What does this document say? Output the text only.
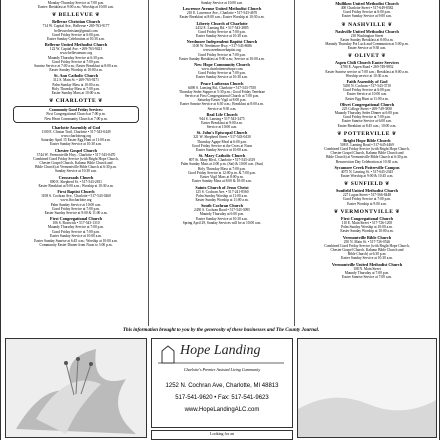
Monday-Thursday Service at 7:00 p.m.
Easter: Breakfast at 9:00 a.m.; Worship at 10:00 a.m.
❦ BELLEVUE ❦
Bellevue Christian Church
714 W. Capital Ave., Bellevue • 269-763-9177
bellevuechristian@gmail.com
Good Friday Service at 6:00 p.m.
Easter Sunday Celebration at 10:30 a.m.
Bellevue United Methodist Church
122 W. Capital Ave. • 269-763-9421
www.bellevueumc.org
Maundy Thursday Service at 6:30 p.m.
Good Friday Service at 7:00 p.m.
Sunrise Service at 7:00 a.m.; Easter Breakfast at 8:00 a.m.
Easter Sunday Worship at 10:00 a.m.
St. Ann Catholic Church
312 S. Main St. • 269-763-9271
Palm Sunday Mass at 10:00 a.m.
Holy Thursday Mass at 7:00 p.m.
Easter Sunday Mass at 10:00 a.m.
❦ CHARLOTTE ❦
Community Good Friday Services:
First Congregational Church at 7:00 p.m.
New Heart Community Church at 7:00 p.m.
Charlotte Assembly of God
1100 E. Clinton Trail, Charlotte • 517-543-0449
www.charlotteag.org
Saturday April 15 Easter Egg Hunt at 11:00 a.m.
Easter Sunday Service at 10:30 a.m.
Chester Gospel Church
3744 W. Vermontville Hwy., Charlotte • 517-543-0470
Combined Good Friday Service (with Bright Hope Church,
Chester Gospel Church, Kalamo Bible Church and
Bible Church) at Vermontville Bible Church at 6:30 p.m.
Sunday Service at 10:30 a.m.
Crossroads Church
800 E. Shepherd St. • 517-543-2811
Easter Breakfast at 9:00 a.m.; Worship at 10:30 a.m.
First Baptist Church
1108 S. Cochran Ave., Charlotte • 517-543-0260
www.fbccharlotte.org
Palm Sunday Service at 10:00 a.m.
Good Friday Service at 7:00 p.m.
Easter Sunday Service at 9:00 & 11:00 a.m.
First Congregational Church
106 S. Bostwick • 517-543-1310
Maundy Thursday Service at 7:00 p.m.
Good Friday Service at 7:00 p.m.
Easter Sunday Service at 10:00 a.m.
Easter Sunday Sunrise at 6:45 a.m.; Worship at 10:00 a.m.
Community Easter Dinner from Noon to 3:00 p.m.
Sunday Service at 10:00 a.m.
Lawrence Avenue United Methodist Church
210 E. Lawrence Ave., Charlotte • 517-543-4670
Easter Breakfast at 8:00 a.m.; Easter Worship at 10:30 a.m.
Liberty Church of Charlotte
2432 E. Lansing Rd. • 517-543-2885
Good Friday Service at 7:00 p.m.
Easter Sunday Service at 10:30 a.m.
Needmore Independent Baptist Church
1100 W. Needmore Hwy. • 517-543-8686
www.needmorebaptist.org
Good Friday Service at 7:00 p.m.
Easter Sunday Breakfast at 9:00 a.m.; Service at 10:00 a.m.
New Hope Community Church
www.charlottenewhope.com
Good Friday Service at 7:00 p.m.
Easter Sunday Service at 10:30 a.m.
Peace Lutheran Church
6490 S. Lansing Rd., Charlotte • 517-543-7550
Thursday Seder Supper at 5:30 p.m.; Good Friday Tenebrae
Service at First Congregational Church at 7:00 p.m.
Saturday Easter Vigil at 8:00 p.m.
Easter Sunrise Service at 6:30 a.m.; Breakfast at 8:00 a.m.
Service at 9:30 a.m.
Real Life Church
944 S. Lansing • 517-543-3475
Easter Breakfast at 9:00 a.m.
Service at 10:00 a.m.
St. John's Episcopal Church
321 W. Shepherd Street • 517-543-0430
Thursday Agape Meal at 6:00 p.m.
Good Friday Service at the Cross at Noon
Easter Sunday Service at 10:00 a.m.
St. Mary Catholic Church
807 St. Mary Blvd., Charlotte • 517-543-4319
Palm Sunday Mass at 4:00 p.m. (Sat) & 10:00 a.m. (Sun)
Holy Thursday Mass at 7:00 p.m.
Good Friday Service at 12:00 p.m. & 7:00 p.m.
Easter Vigil Mass at 8:00 p.m.
Easter Sunday Mass at 8:00 & 10:00 a.m.
Saints Church of Jesus Christ
125 S. Cochran Ave. • 517-241-8560
Palm Sunday Worship at 11:00 a.m.
Easter Sunday Worship at 11:00 a.m.
South Cochran Church
2450 S. Cochran Road • 517-543-3095
Maundy Thursday at 6:00 p.m.
Easter Sunday Service at 10:30 a.m.
Spring April 29, Sunday Services will be at 10:00 a.m.
Mulliken United Methodist Church
400 Charlotte Street • 517-649-8382
Good Friday Service at 6:00 p.m.
Easter Sunday Service at 9:00 a.m.
❦ NASHVILLE ❦
Nashville United Methodist Church
210 Washington Street
Easter Sunday Breakfast at 8:00 a.m.
Maundy Thursday Pot Luck and Communion at 5:00 p.m.
Easter Service at 9:30 a.m.
❦ OLIVET ❦
Aspen Chili Church Easter Services
4780 E. Aspen Road • 269-749-9852
Easter Sunrise service at 7:00 a.m.; Breakfast at 8:00 a.m.
Worship service at 10:30 a.m.
Faith Assembly of God
5450 N. Cochran • 517-543-3710
Good Friday Service at 6:00 p.m.
Easter Service at 10:00 a.m.
Easter Egg Hunt at 11:00 a.m.
Olivet Congregational Church
225 College Street • 269-749-3830
Maundy Thursday Seder Dinner at 6:00 p.m.
Good Friday Service at 7:00 p.m.
Easter Sunrise Service at 6:00 a.m.
Easter Breakfast at 8:45 a.m.; 10:00 a.m.
❦ POTTERVILLE ❦
Bright Hope Bible Church
508 E. Lansing Road • 517-645-4469
Combined Good Friday Service (with Bright Hope Church,
Chester Gospel Church, Kalamo Bible Church and
Bible Church) at Vermontville Bible Church at 6:30 p.m.
Resurrection Day Celebration at 10:30 a.m.
Sycamore Creek Potterville Campus
4075 N. Lansing St. • 517-645-2345
Easter Worship at 9:00 & 10:45 a.m.
❦ SUNFIELD ❦
Sunfield United Methodist Church
227 Logan Street • 517-566-8448
Good Friday Service at 7:00 p.m.
Easter Worship at 9:00 a.m.
❦ VERMONTVILLE ❦
First Congregational Church
110 E. Main Street • 517-726-1205
Palm Sunday Worship at 10:00 a.m.
Easter Sunday Worship at 10:00 a.m.
Vermontville Bible Church
250 N. Main St. • 517-726-0526
Combined Good Friday Service (with Bright Hope Church,
Chester Gospel Church, Kalamo Bible Church and
Bible Church) at 6:30 p.m.
Easter Sunday Service at 10:30 a.m.
Vermontville United Methodist Church
108 N. Main Street
Maundy Thursday at 7:00 p.m.
Easter Sunrise Service at 7:00 a.m.
This information brought to you by the generosity of these businesses and The County Journal.
Hope Landing
Charlotte's Premier Assisted Living Community
1252 N. Cochran Ave, Charlotte, MI 48813
517-541-9620 • Fax: 517-541-9623
www.HopeLandingALC.com
Looking for an
